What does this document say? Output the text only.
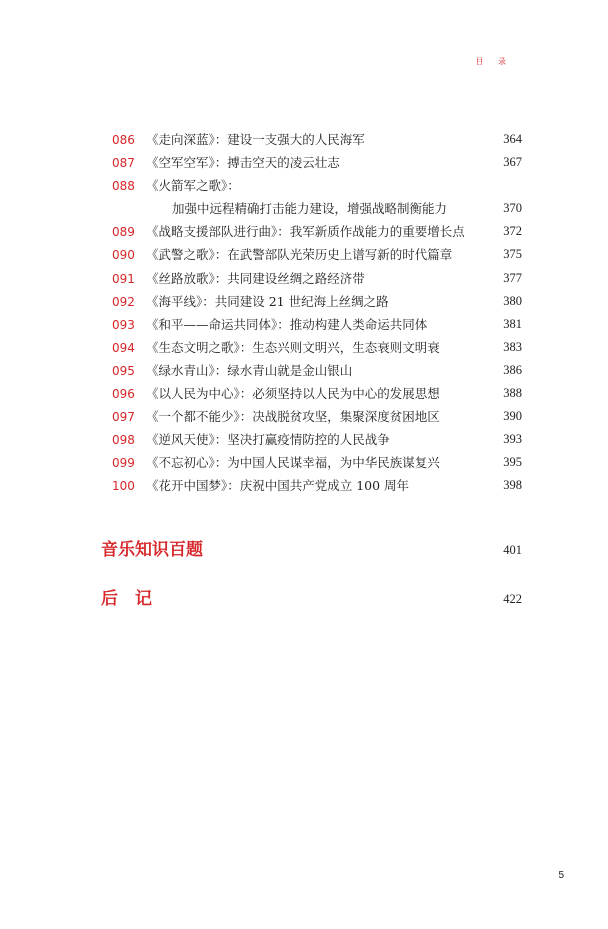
目 录
086 《走向深蓝》：建设一支强大的人民海军	364
087 《空军空军》：搏击空天的凌云壮志	367
088 《火箭军之歌》：
加强中远程精确打击能力建设，增强战略制衡能力	370
089 《战略支援部队进行曲》：我军新质作战能力的重要增长点	372
090 《武警之歌》：在武警部队光荣历史上谱写新的时代篇章	375
091 《丝路放歌》：共同建设丝绸之路经济带	377
092 《海平线》：共同建设 21 世纪海上丝绸之路	380
093 《和平——命运共同体》：推动构建人类命运共同体	381
094 《生态文明之歌》：生态兴则文明兴，生态衰则文明衰	383
095 《绿水青山》：绿水青山就是金山银山	386
096 《以人民为中心》：必须坚持以人民为中心的发展思想	388
097 《一个都不能少》：决战脱贫攻坚，集聚深度贫困地区	390
098 《逆风天使》：坚决打赢疫情防控的人民战争	393
099 《不忘初心》：为中国人民谋幸福，为中华民族谋复兴	395
100 《花开中国梦》：庆祝中国共产党成立 100 周年	398
音乐知识百题	401
后　记	422
5
